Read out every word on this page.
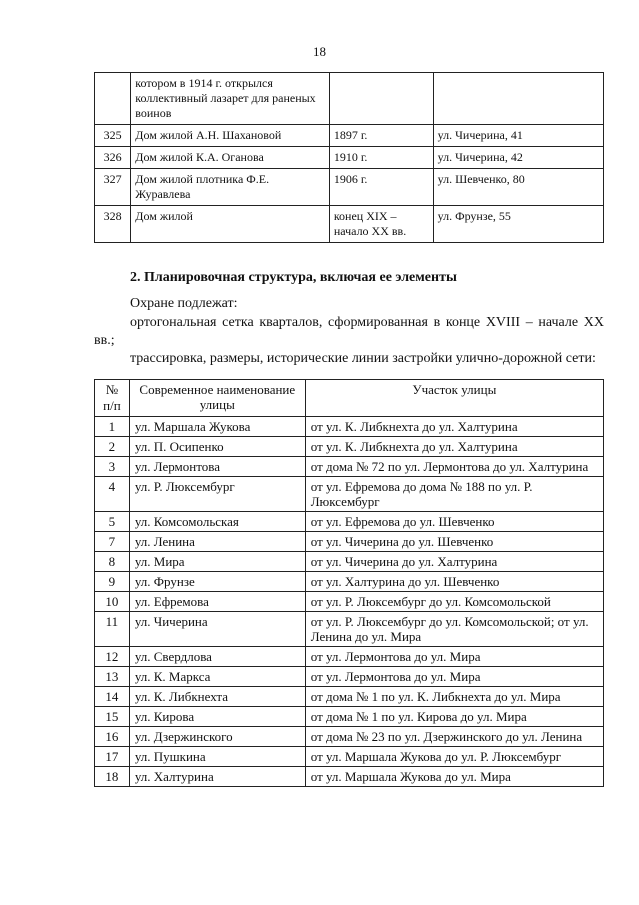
18
	котором в 1914 г. открылся коллективный лазарет для раненых воинов		
325	Дом жилой А.Н. Шахановой	1897 г.	ул. Чичерина, 41
326	Дом жилой К.А. Оганова	1910 г.	ул. Чичерина, 42
327	Дом жилой плотника Ф.Е. Журавлева	1906 г.	ул. Шевченко, 80
328	Дом жилой	конец XIX – начало XX вв.	ул. Фрунзе, 55
2. Планировочная структура, включая ее элементы
Охране подлежат:
ортогональная сетка кварталов, сформированная в конце XVIII – начале XX вв.;
трассировка, размеры, исторические линии застройки улично-дорожной сети:
№ п/п	Современное наименование улицы	Участок улицы
1	ул. Маршала Жукова	от ул. К. Либкнехта до ул. Халтурина
2	ул. П. Осипенко	от ул. К. Либкнехта до ул. Халтурина
3	ул. Лермонтова	от дома № 72 по ул. Лермонтова до ул. Халтурина
4	ул. Р. Люксембург	от ул. Ефремова до дома № 188 по ул. Р. Люксембург
5	ул. Комсомольская	от ул. Ефремова до ул. Шевченко
7	ул. Ленина	от ул. Чичерина до ул. Шевченко
8	ул. Мира	от ул. Чичерина до ул. Халтурина
9	ул. Фрунзе	от ул. Халтурина до ул. Шевченко
10	ул. Ефремова	от ул. Р. Люксембург до ул. Комсомольской
11	ул. Чичерина	от ул. Р. Люксембург до ул. Комсомольской; от ул. Ленина до ул. Мира
12	ул. Свердлова	от ул. Лермонтова до ул. Мира
13	ул. К. Маркса	от ул. Лермонтова до ул. Мира
14	ул. К. Либкнехта	от дома № 1 по ул. К. Либкнехта до ул. Мира
15	ул. Кирова	от дома № 1 по ул. Кирова до ул. Мира
16	ул. Дзержинского	от дома № 23 по ул. Дзержинского до ул. Ленина
17	ул. Пушкина	от ул. Маршала Жукова до ул. Р. Люксембург
18	ул. Халтурина	от ул. Маршала Жукова до ул. Мира
